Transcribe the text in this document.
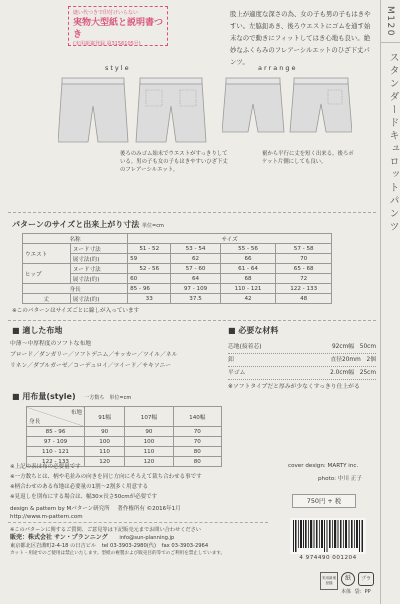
縫い代つきで印付けいらない
実物大型紙と説明書つき
(実用新案登録 第3156105号)
股上が適度な深さの為、女の子も男の子もはきやすい。左脇釦あき、後ろウエストにゴムを通す始末なので動きにフィットしてはき心地も良い。絶妙なふくらみのフレアーシルエットのひざ下丈パンツ。
M120
スタンダードキュロットパンツ
style	arrange
後ろのみゴム始末でウエストがすっきりしている。男の子も女の子もはきやすいひざ下丈のフレアーシルエット。
裾から平行に丈を短く出来る。後ろポケット片側にしても良い。
パターンのサイズと出来上がり寸法 単位=cm
名称		サイズ			
ウエスト	ヌード寸法	51 - 52	53 - 54	55 - 56	57 - 58
	展寸法(約)	59	62	66	70
ヒップ	ヌード寸法	52 - 56	57 - 60	61 - 64	65 - 68
	展寸法(約)	60	64	68	72
身長		85 - 96	97 - 109	110 - 121	122 - 133
丈	展寸法(約)	33	37.5	42	48
※このパターンはサイズごとに線しが入っています
■ 適した布地
中薄〜中厚程度のソフトな布地
ブロード／ダンガリー／ソフトデニム／サッカー／ツイル／ネル
リネン／ダブルガーゼ／コーデュロイ／ツイード／サキソニー
■ 必要な材料
芯地(接着芯)	92cm幅　50cm
釦	直径20mm　2個
平ゴム	2.0cm幅　25cm
※ソフトタイプだと厚みが少なくすっきり仕上がる
■ 用布量(style) 一方数ち　単位=cm
布地
身長	91幅	107幅	140幅
85 - 96	90	90	70
97 - 109	100	100	70
110 - 121	110	110	80
122 - 133	120	120	80
cover design: MARTY inc.
photo: 中川 正子
750円 + 税
※上記の表は布の必要量です
※一方数ちとは、柄や毛並みの向きを同じ方向にそろえて裁ち合わせる事です
※柄合わせのある布地は必要量の1割〜2割多く用意する
※見返しを別布にする場合は、幅30×長さ50cmが必要です
design & pattern by Mパターン研究所 著作権所有 ©2016年1月
http://www.m-pattern.com
※このパターンに関するご質問、ご意見等は下記販売元までお問い合わせください
販売：株式会社 サン・プランニング info@sun-planning.jp
東京都北区岩淵町2-4-18 の日吉ビル tel 03-3903-2980(代) fax 03-3903-2964
カット・用途でのご使用は禁止いたします。型紙の複製および販売目的等でのご利用を禁止しています。
4 974490 001204
実用新案登録
紙	プラ
本体 袋：PP
